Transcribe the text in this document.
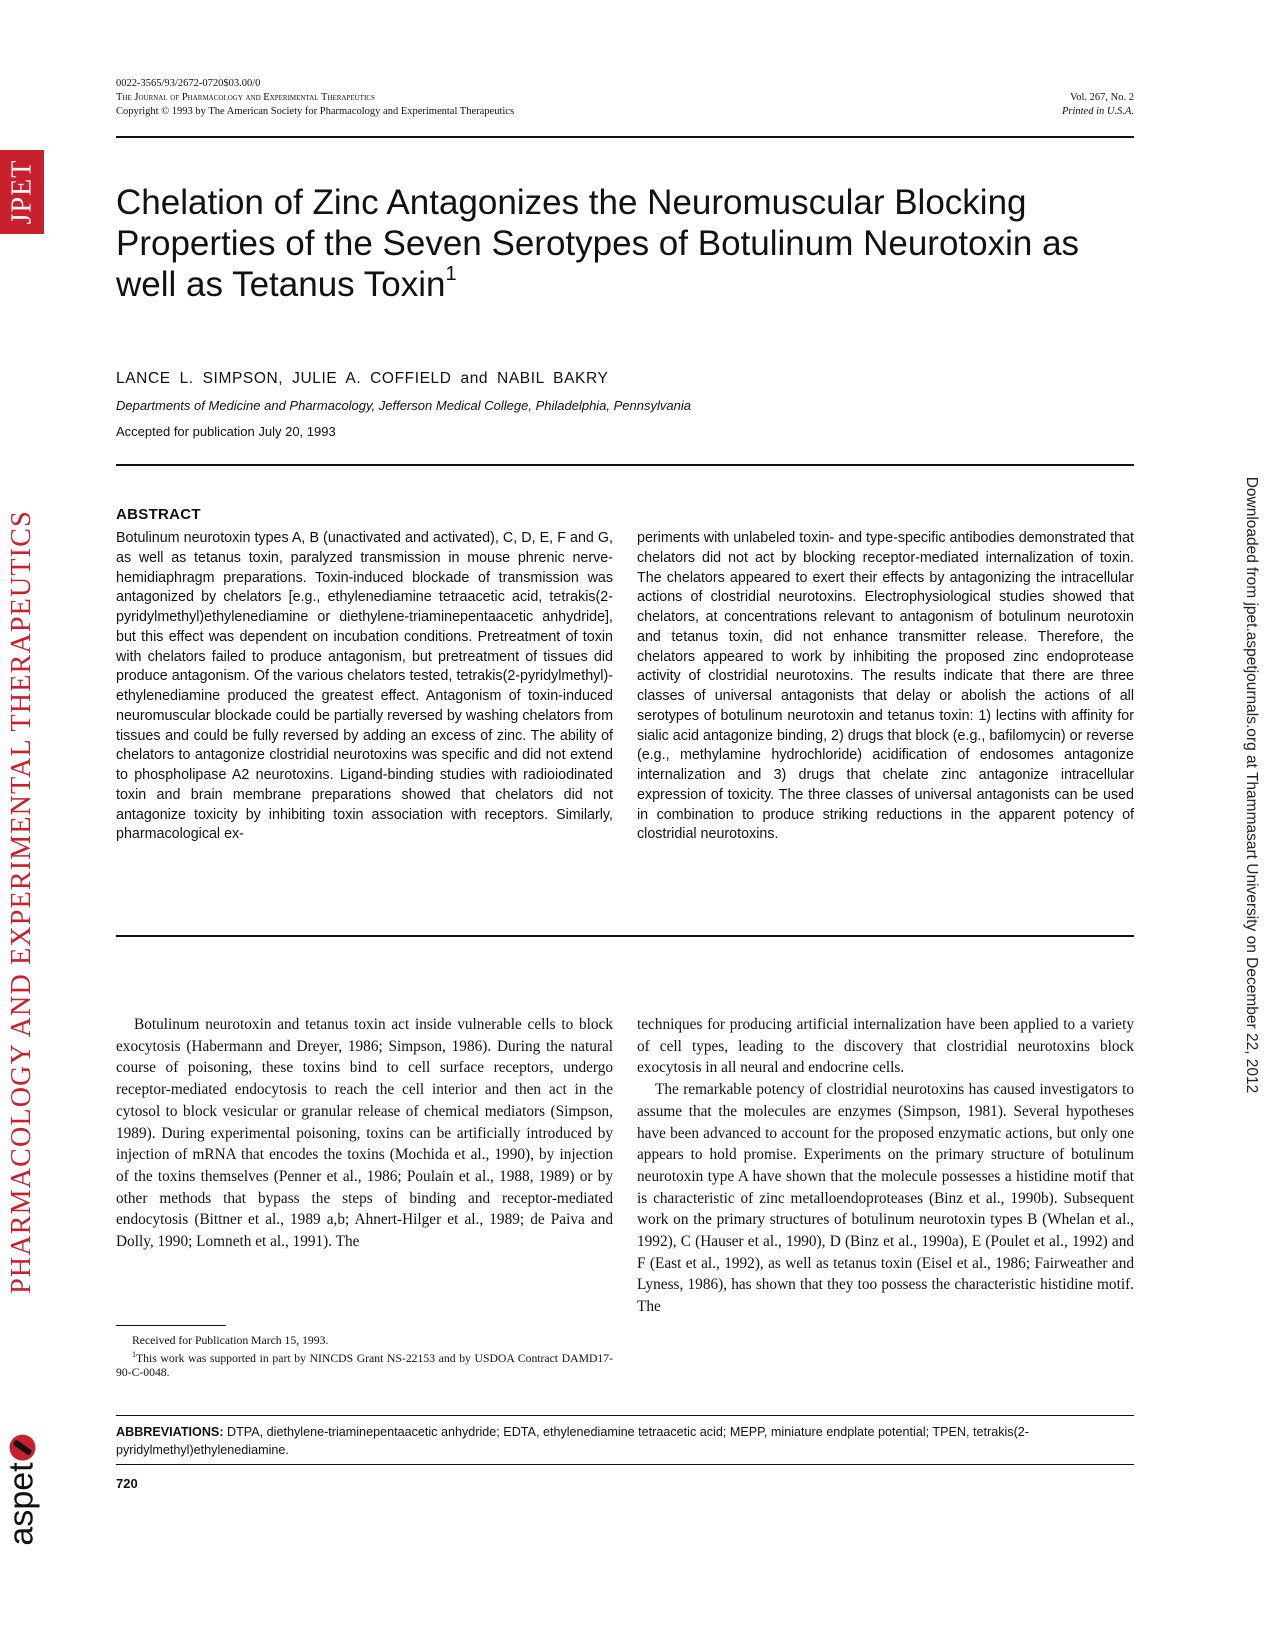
JPET
PHARMACOLOGY AND EXPERIMENTAL THERAPEUTICS
aspet
Downloaded from jpet.aspetjournals.org at Thammasart University on December 22, 2012
0022-3565/93/2672-0720$03.00/0
The Journal of Pharmacology and Experimental Therapeutics
Copyright © 1993 by The American Society for Pharmacology and Experimental Therapeutics
Vol. 267, No. 2
Printed in U.S.A.
Chelation of Zinc Antagonizes the Neuromuscular Blocking Properties of the Seven Serotypes of Botulinum Neurotoxin as well as Tetanus Toxin$^1$
LANCE L. SIMPSON, JULIE A. COFFIELD and NABIL BAKRY
Departments of Medicine and Pharmacology, Jefferson Medical College, Philadelphia, Pennsylvania
Accepted for publication July 20, 1993
ABSTRACT

Botulinum neurotoxin types A, B (unactivated and activated), C, D, E, F and G, as well as tetanus toxin, paralyzed transmission in mouse phrenic nerve-hemidiaphragm preparations. Toxin-induced blockade of transmission was antagonized by chelators [e.g., ethylenediamine tetraacetic acid, tetrakis(2-pyridylmethyl)ethylenediamine or diethylene-triaminepentaacetic anhydride], but this effect was dependent on incubation conditions. Pretreatment of toxin with chelators failed to produce antagonism, but pretreatment of tissues did produce antagonism. Of the various chelators tested, tetrakis(2-pyridylmethyl)-ethylenediamine produced the greatest effect. Antagonism of toxin-induced neuromuscular blockade could be partially reversed by washing chelators from tissues and could be fully reversed by adding an excess of zinc. The ability of chelators to antagonize clostridial neurotoxins was specific and did not extend to phospholipase A2 neurotoxins. Ligand-binding studies with radioiodinated toxin and brain membrane preparations showed that chelators did not antagonize toxicity by inhibiting toxin association with receptors. Similarly, pharmacological ex-

periments with unlabeled toxin- and type-specific antibodies demonstrated that chelators did not act by blocking receptor-mediated internalization of toxin. The chelators appeared to exert their effects by antagonizing the intracellular actions of clostridial neurotoxins. Electrophysiological studies showed that chelators, at concentrations relevant to antagonism of botulinum neurotoxin and tetanus toxin, did not enhance transmitter release. Therefore, the chelators appeared to work by inhibiting the proposed zinc endoprotease activity of clostridial neurotoxins. The results indicate that there are three classes of universal antagonists that delay or abolish the actions of all serotypes of botulinum neurotoxin and tetanus toxin: 1) lectins with affinity for sialic acid antagonize binding, 2) drugs that block (e.g., bafilomycin) or reverse (e.g., methylamine hydrochloride) acidification of endosomes antagonize internalization and 3) drugs that chelate zinc antagonize intracellular expression of toxicity. The three classes of universal antagonists can be used in combination to produce striking reductions in the apparent potency of clostridial neurotoxins.

Botulinum neurotoxin and tetanus toxin act inside vulnerable cells to block exocytosis (Habermann and Dreyer, 1986; Simpson, 1986). During the natural course of poisoning, these toxins bind to cell surface receptors, undergo receptor-mediated endocytosis to reach the cell interior and then act in the cytosol to block vesicular or granular release of chemical mediators (Simpson, 1989). During experimental poisoning, toxins can be artificially introduced by injection of mRNA that encodes the toxins (Mochida et al., 1990), by injection of the toxins themselves (Penner et al., 1986; Poulain et al., 1988, 1989) or by other methods that bypass the steps of binding and receptor-mediated endocytosis (Bittner et al., 1989 a,b; Ahnert-Hilger et al., 1989; de Paiva and Dolly, 1990; Lomneth et al., 1991). The

techniques for producing artificial internalization have been applied to a variety of cell types, leading to the discovery that clostridial neurotoxins block exocytosis in all neural and endocrine cells.

The remarkable potency of clostridial neurotoxins has caused investigators to assume that the molecules are enzymes (Simpson, 1981). Several hypotheses have been advanced to account for the proposed enzymatic actions, but only one appears to hold promise. Experiments on the primary structure of botulinum neurotoxin type A have shown that the molecule possesses a histidine motif that is characteristic of zinc metalloendoproteases (Binz et al., 1990b). Subsequent work on the primary structures of botulinum neurotoxin types B (Whelan et al., 1992), C (Hauser et al., 1990), D (Binz et al., 1990a), E (Poulet et al., 1992) and F (East et al., 1992), as well as tetanus toxin (Eisel et al., 1986; Fairweather and Lyness, 1986), has shown that they too possess the characteristic histidine motif. The

Received for Publication March 15, 1993.

$^1$This work was supported in part by NINCDS Grant NS-22153 and by USDOA Contract DAMD17-90-C-0048.

ABBREVIATIONS: DTPA, diethylene-triaminepentaacetic anhydride; EDTA, ethylenediamine tetraacetic acid; MEPP, miniature endplate potential; TPEN, tetrakis(2-pyridylmethyl)ethylenediamine.
720
